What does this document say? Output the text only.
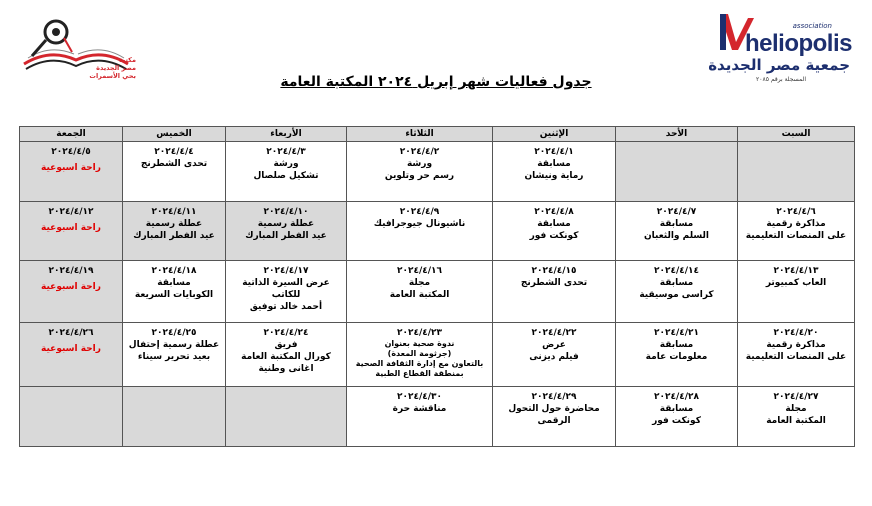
مكتبة
مصر الجديدة
بحي الأسمرات
association
heliopolis
جمعية مصر الجديدة
المسجلة برقم ٢٠٨٥
جدول فعاليات شهر إبريل ٢٠٢٤ المكتبة العامة
السبت	الأحد	الإثنين	الثلاثاء	الأربعاء	الخميس	الجمعة

		٢٠٢٤/٤/١
مسابقة
رماية ونيشان	٢٠٢٤/٤/٢
ورشة
رسم حر وتلوين	٢٠٢٤/٤/٣
ورشة
تشكيل صلصال	٢٠٢٤/٤/٤
تحدى الشطرنج	٢٠٢٤/٤/٥
راحة اسبوعية

٢٠٢٤/٤/٦
مذاكرة رقمية
على المنصات التعليمية	٢٠٢٤/٤/٧
مسابقة
السلم والثعبان	٢٠٢٤/٤/٨
مسابقة
كونكت فور	٢٠٢٤/٤/٩
ناشيونال جيوجرافيك	٢٠٢٤/٤/١٠
عطلة رسمية
عيد الفطر المبارك	٢٠٢٤/٤/١١
عطلة رسمية
عيد الفطر المبارك	٢٠٢٤/٤/١٢
راحة اسبوعية

٢٠٢٤/٤/١٣
العاب كمبيوتر	٢٠٢٤/٤/١٤
مسابقة
كراسى موسيقية	٢٠٢٤/٤/١٥
تحدى الشطرنج	٢٠٢٤/٤/١٦
مجلة
المكتبة العامة	٢٠٢٤/٤/١٧
عرض السيرة الذاتية
للكاتب
أحمد خالد توفيق	٢٠٢٤/٤/١٨
مسابقة
الكوبايات السريعة	٢٠٢٤/٤/١٩
راحة اسبوعية

٢٠٢٤/٤/٢٠
مذاكرة رقمية
على المنصات التعليمية	٢٠٢٤/٤/٢١
مسابقة
معلومات عامة	٢٠٢٤/٤/٢٢
عرض
فيلم ديزنى	٢٠٢٤/٤/٢٣
ندوة صحية بعنوان
(جرثومة المعدة)
بالتعاون مع إدارة الثقافة الصحية
بمنطقة القطاع الطبية	٢٠٢٤/٤/٢٤
فريق
كورال المكتبة العامة
اغانى وطنية	٢٠٢٤/٤/٢٥
عطلة رسمية إحتفال
بعيد تحرير سيناء	٢٠٢٤/٤/٢٦
راحة اسبوعية

٢٠٢٤/٤/٢٧
مجلة
المكتبة العامة	٢٠٢٤/٤/٢٨
مسابقة
كونكت فور	٢٠٢٤/٤/٢٩
محاضرة حول التحول
الرقمى	٢٠٢٤/٤/٣٠
مناقشة حرة			
